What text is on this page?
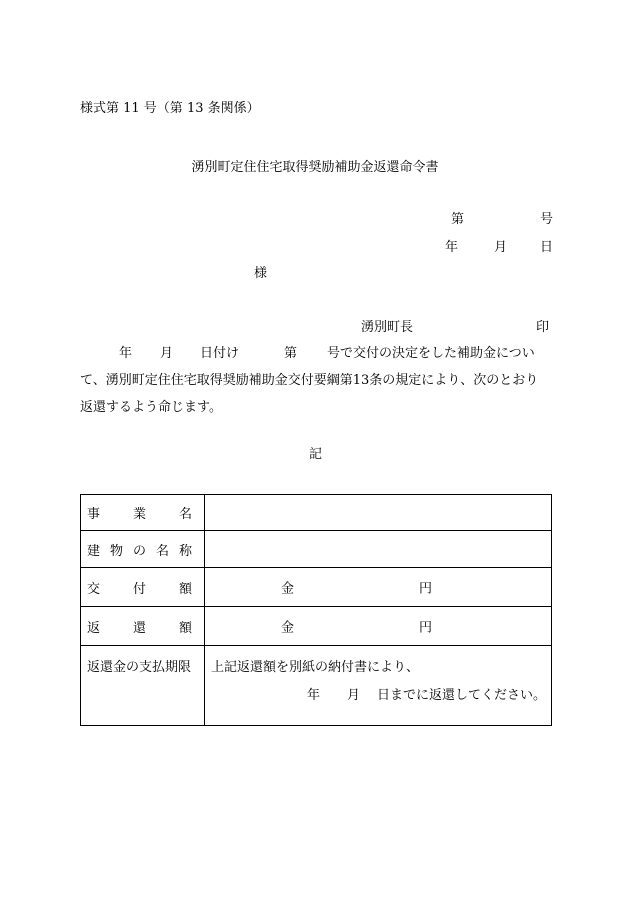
様式第 11 号（第 13 条関係）
湧別町定住住宅取得奨励補助金返還命令書
第	号
年	月	日
様
湧別町長	印
年 月 日付け	第 号で交付の決定をした補助金につい
て、湧別町定住住宅取得奨励補助金交付要綱第13条の規定により、次のとおり
返還するよう命じます。
記
事 業 名	

建 物 の 名 称	

交 付 額	金 円

返 還 額	金 円

返還金の支払期限	上記返還額を別紙の納付書により、
年 月 日までに返還してください。
